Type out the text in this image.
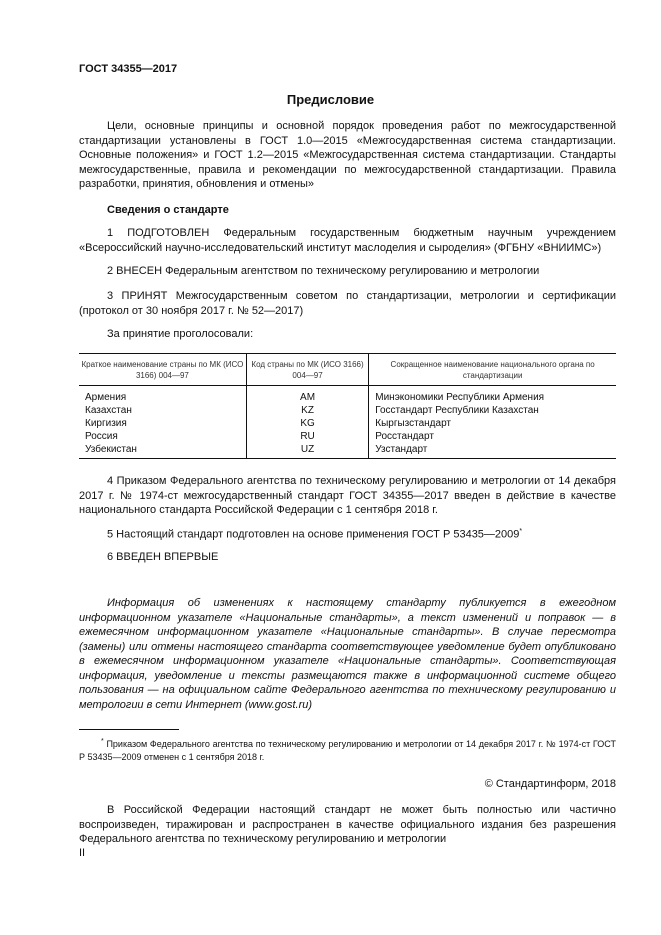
ГОСТ 34355—2017
Предисловие
Цели, основные принципы и основной порядок проведения работ по межгосударственной стандартизации установлены в ГОСТ 1.0—2015 «Межгосударственная система стандартизации. Основные положения» и ГОСТ 1.2—2015 «Межгосударственная система стандартизации. Стандарты межгосударственные, правила и рекомендации по межгосударственной стандартизации. Правила разработки, принятия, обновления и отмены»
Сведения о стандарте
1 ПОДГОТОВЛЕН Федеральным государственным бюджетным научным учреждением «Всероссийский научно-исследовательский институт маслоделия и сыроделия» (ФГБНУ «ВНИИМС»)
2 ВНЕСЕН Федеральным агентством по техническому регулированию и метрологии
3 ПРИНЯТ Межгосударственным советом по стандартизации, метрологии и сертификации (протокол от 30 ноября 2017 г. № 52—2017)
За принятие проголосовали:
Краткое наименование страны по МК (ИСО 3166) 004—97	Код страны по МК (ИСО 3166) 004—97	Сокращенное наименование национального органа по стандартизации
Армения	AM	Минэкономики Республики Армения
Казахстан	KZ	Госстандарт Республики Казахстан
Киргизия	KG	Кыргызстандарт
Россия	RU	Росстандарт
Узбекистан	UZ	Узстандарт
4 Приказом Федерального агентства по техническому регулированию и метрологии от 14 декабря 2017 г. № 1974-ст межгосударственный стандарт ГОСТ 34355—2017 введен в действие в качестве национального стандарта Российской Федерации с 1 сентября 2018 г.
5 Настоящий стандарт подготовлен на основе применения ГОСТ Р 53435—2009*
6 ВВЕДЕН ВПЕРВЫЕ
Информация об изменениях к настоящему стандарту публикуется в ежегодном информационном указателе «Национальные стандарты», а текст изменений и поправок — в ежемесячном информационном указателе «Национальные стандарты». В случае пересмотра (замены) или отмены настоящего стандарта соответствующее уведомление будет опубликовано в ежемесячном информационном указателе «Национальные стандарты». Соответствующая информация, уведомление и тексты размещаются также в информационной системе общего пользования — на официальном сайте Федерального агентства по техническому регулированию и метрологии в сети Интернет (www.gost.ru)
* Приказом Федерального агентства по техническому регулированию и метрологии от 14 декабря 2017 г. № 1974-ст ГОСТ Р 53435—2009 отменен с 1 сентября 2018 г.
© Стандартинформ, 2018
В Российской Федерации настоящий стандарт не может быть полностью или частично воспроизведен, тиражирован и распространен в качестве официального издания без разрешения Федерального агентства по техническому регулированию и метрологии
II
